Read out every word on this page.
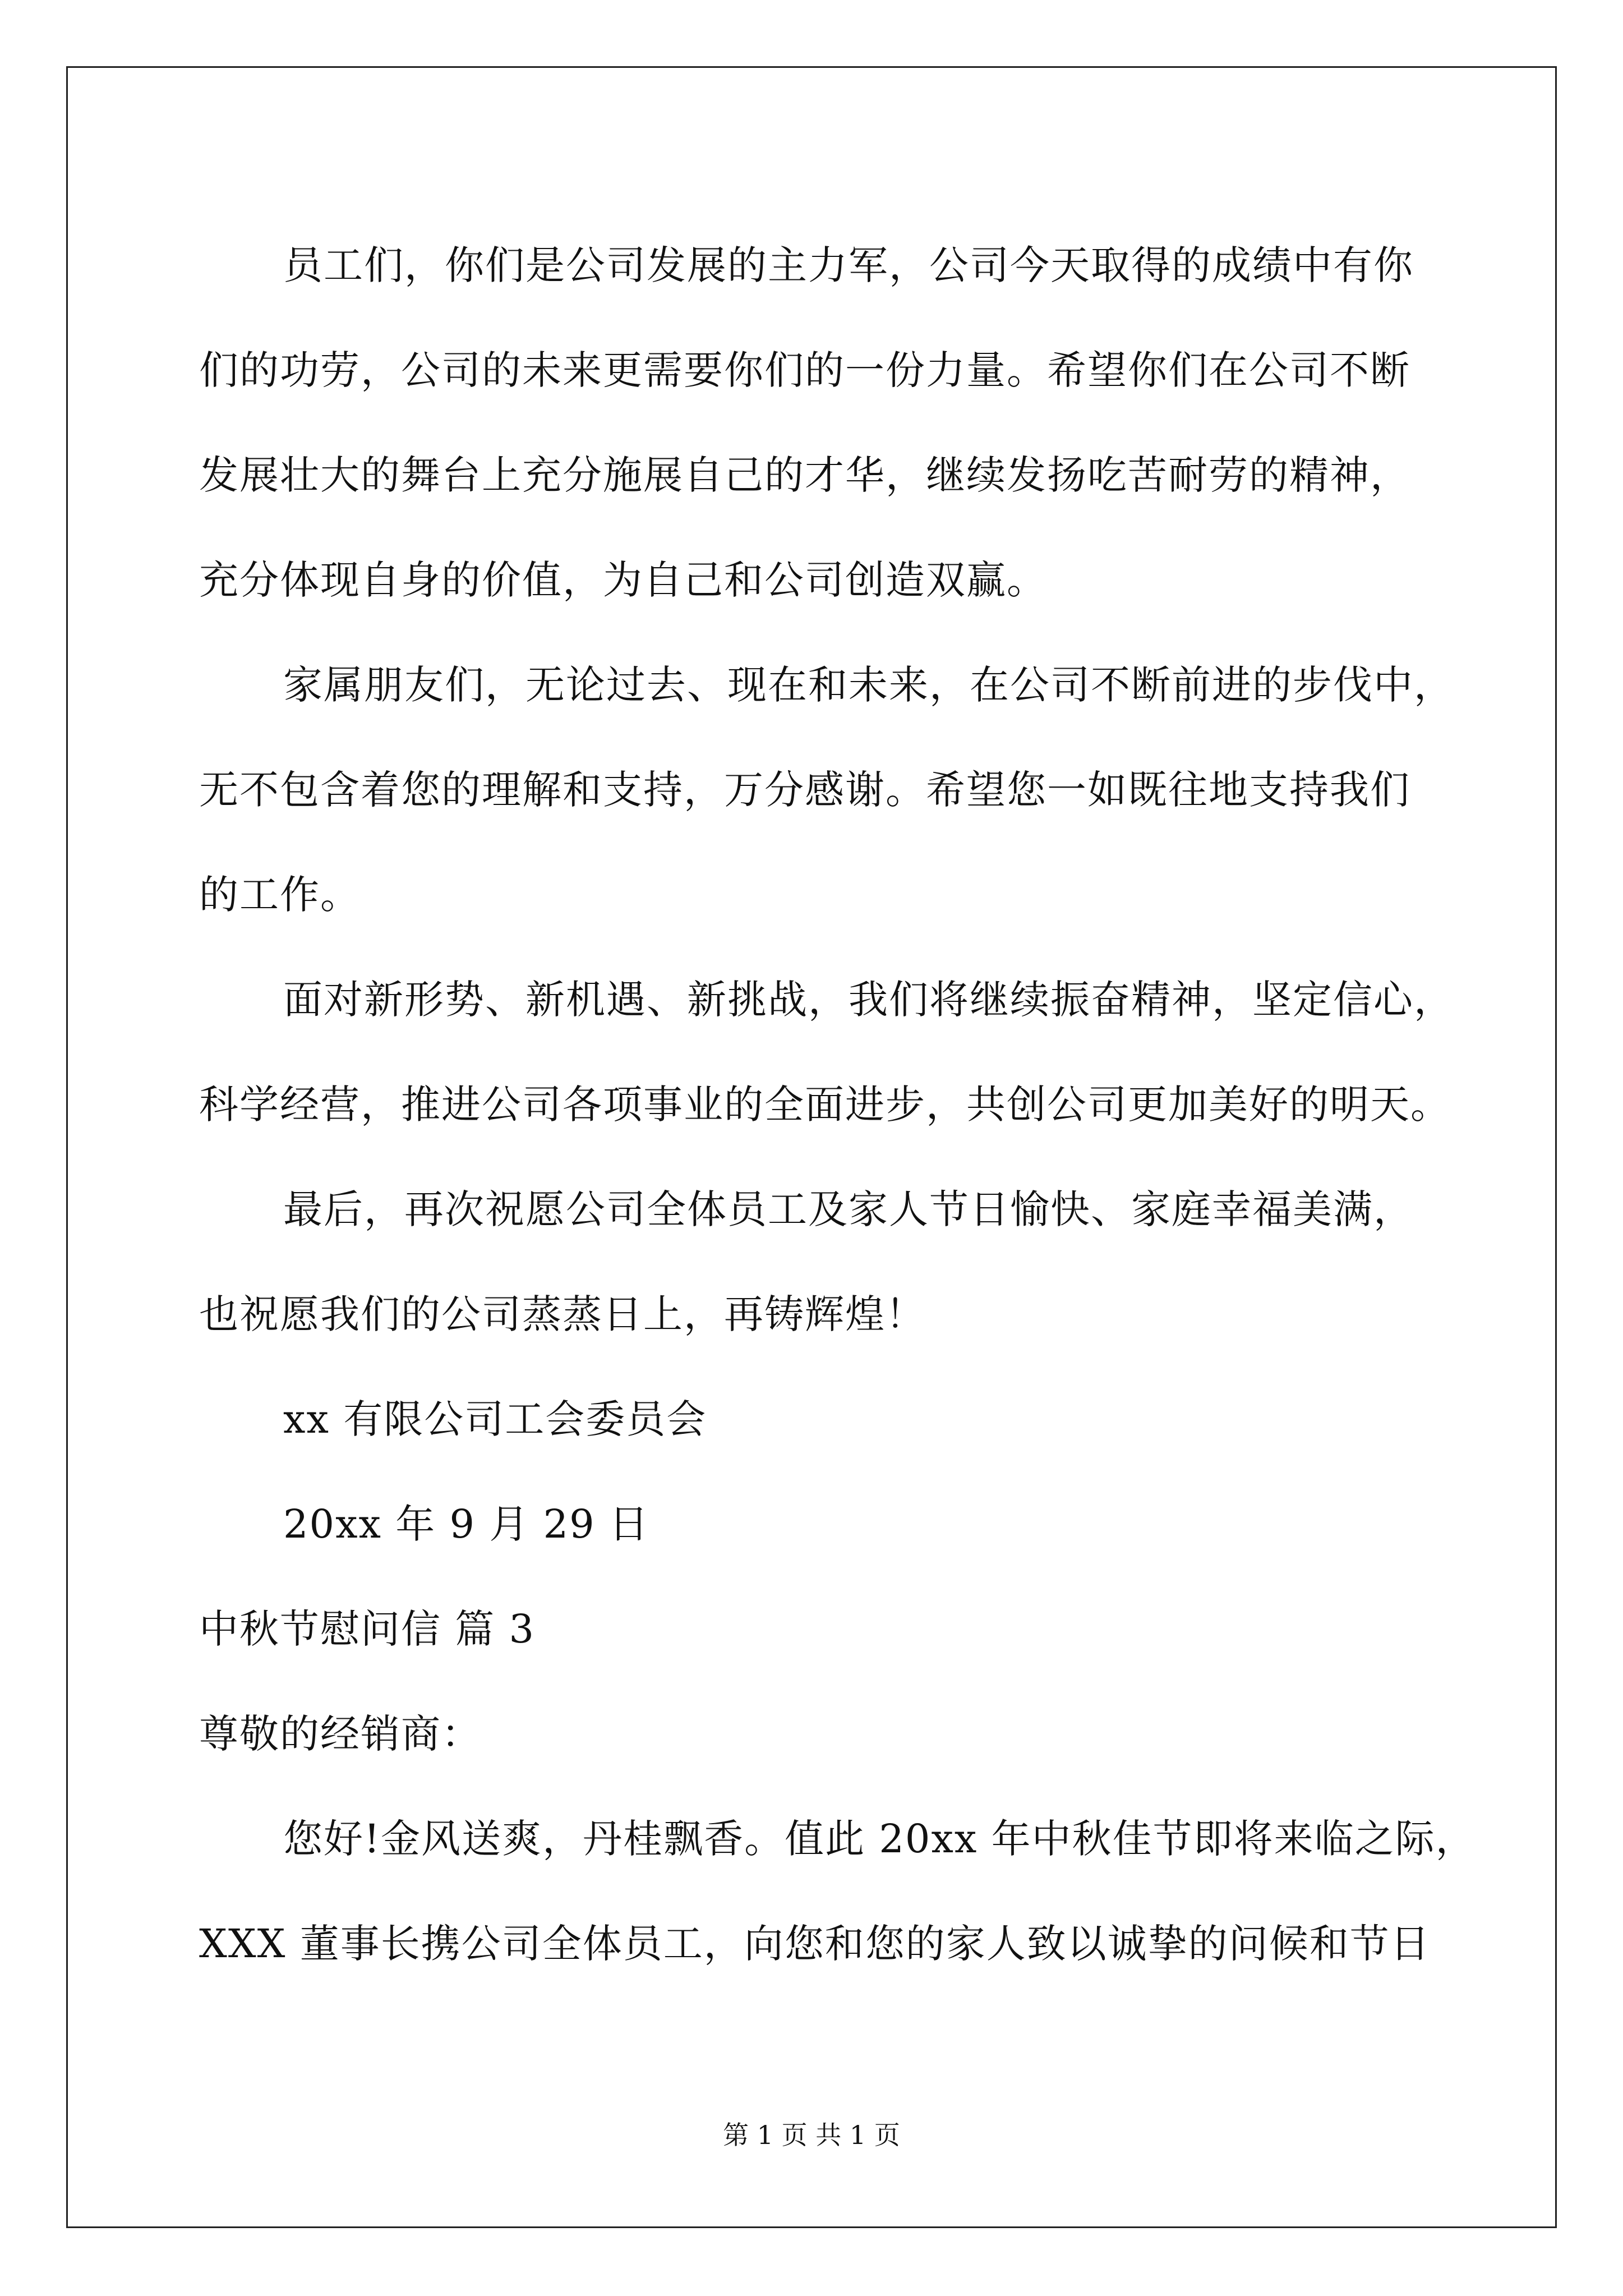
员工们，你们是公司发展的主力军，公司今天取得的成绩中有你
们的功劳，公司的未来更需要你们的一份力量。希望你们在公司不断
发展壮大的舞台上充分施展自己的才华，继续发扬吃苦耐劳的精神，
充分体现自身的价值，为自己和公司创造双赢。

家属朋友们，无论过去、现在和未来，在公司不断前进的步伐中，
无不包含着您的理解和支持，万分感谢。希望您一如既往地支持我们
的工作。

面对新形势、新机遇、新挑战，我们将继续振奋精神，坚定信心，
科学经营，推进公司各项事业的全面进步，共创公司更加美好的明天。

最后，再次祝愿公司全体员工及家人节日愉快、家庭幸福美满，
也祝愿我们的公司蒸蒸日上，再铸辉煌！

xx 有限公司工会委员会

20xx 年 9 月 29 日

中秋节慰问信 篇 3

尊敬的经销商：

您好!金风送爽，丹桂飘香。值此 20xx 年中秋佳节即将来临之际，
XXX 董事长携公司全体员工，向您和您的家人致以诚挚的问候和节日

第 1 页 共 1 页
